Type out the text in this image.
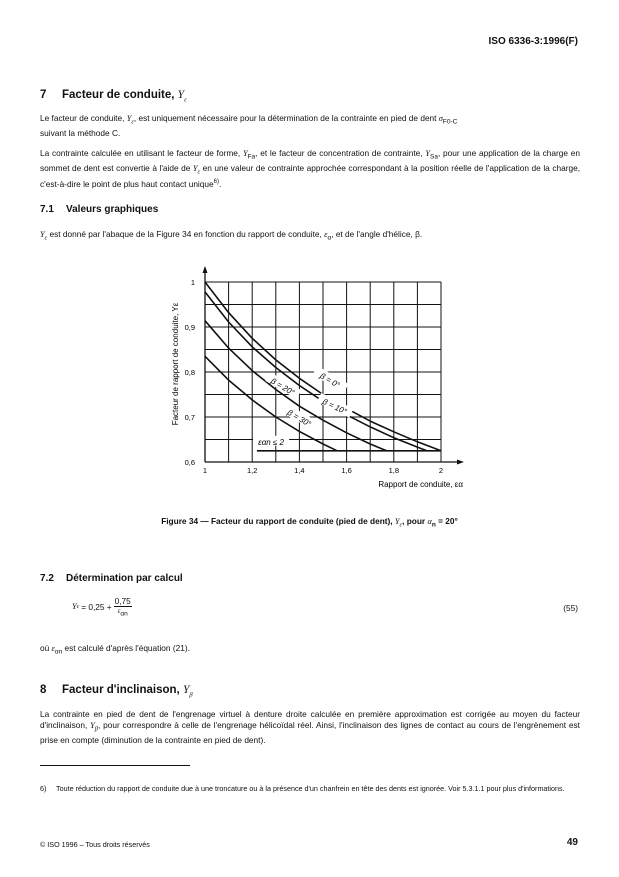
ISO 6336-3:1996(F)
7 Facteur de conduite, $Y_\varepsilon$
Le facteur de conduite, $Y_\varepsilon$, est uniquement nécessaire pour la détermination de la contrainte en pied de dent $\sigma_{F0-C}$
suivant la méthode C.
La contrainte calculée en utilisant le facteur de forme, $Y_{Fa}$, et le facteur de concentration de contrainte, $Y_{Sa}$, pour une application de la charge en sommet de dent est convertie à l'aide de $Y_\varepsilon$ en une valeur de contrainte approchée correspondant à la position réelle de l'application de la charge, c'est-à-dire le point de plus haut contact unique$^{6)}$.
7.1 Valeurs graphiques
$Y_\varepsilon$ est donné par l'abaque de la Figure 34 en fonction du rapport de conduite, $\varepsilon_\alpha$, et de l'angle d'hélice, β.
1	1,2	1,4	1,6	1,8	2
0,6
0,7
0,8
0,9
1
Rapport de conduite, εα
Facteur de rapport de conduite, Yε	β = 0°
β = 10°
β = 20°
β = 30°
εαn ≤ 2
Figure 34 — Facteur du rapport de conduite (pied de dent), $Y_\varepsilon$, pour $\alpha_n = 20^\circ$
7.2 Détermination par calcul
Y ε = 0,25 +
0,75
$\varepsilon_{\alpha n}$
(55)
où $\varepsilon_{\alpha n}$ est calculé d'après l'équation (21).
8 Facteur d'inclinaison, $Y_\beta$
La contrainte en pied de dent de l'engrenage virtuel à denture droite calculée en première approximation est corrigée au moyen du facteur d'inclinaison, $Y_\beta$, pour correspondre à celle de l'engrenage hélicoïdal réel. Ainsi, l'inclinaison des lignes de contact au cours de l'engrènement est prise en compte (diminution de la contrainte en pied de dent).
6) Toute réduction du rapport de conduite due à une troncature ou à la présence d'un chanfrein en tête des dents est ignorée. Voir 5.3.1.1 pour plus d'informations.
© ISO 1996 – Tous droits réservés	49
